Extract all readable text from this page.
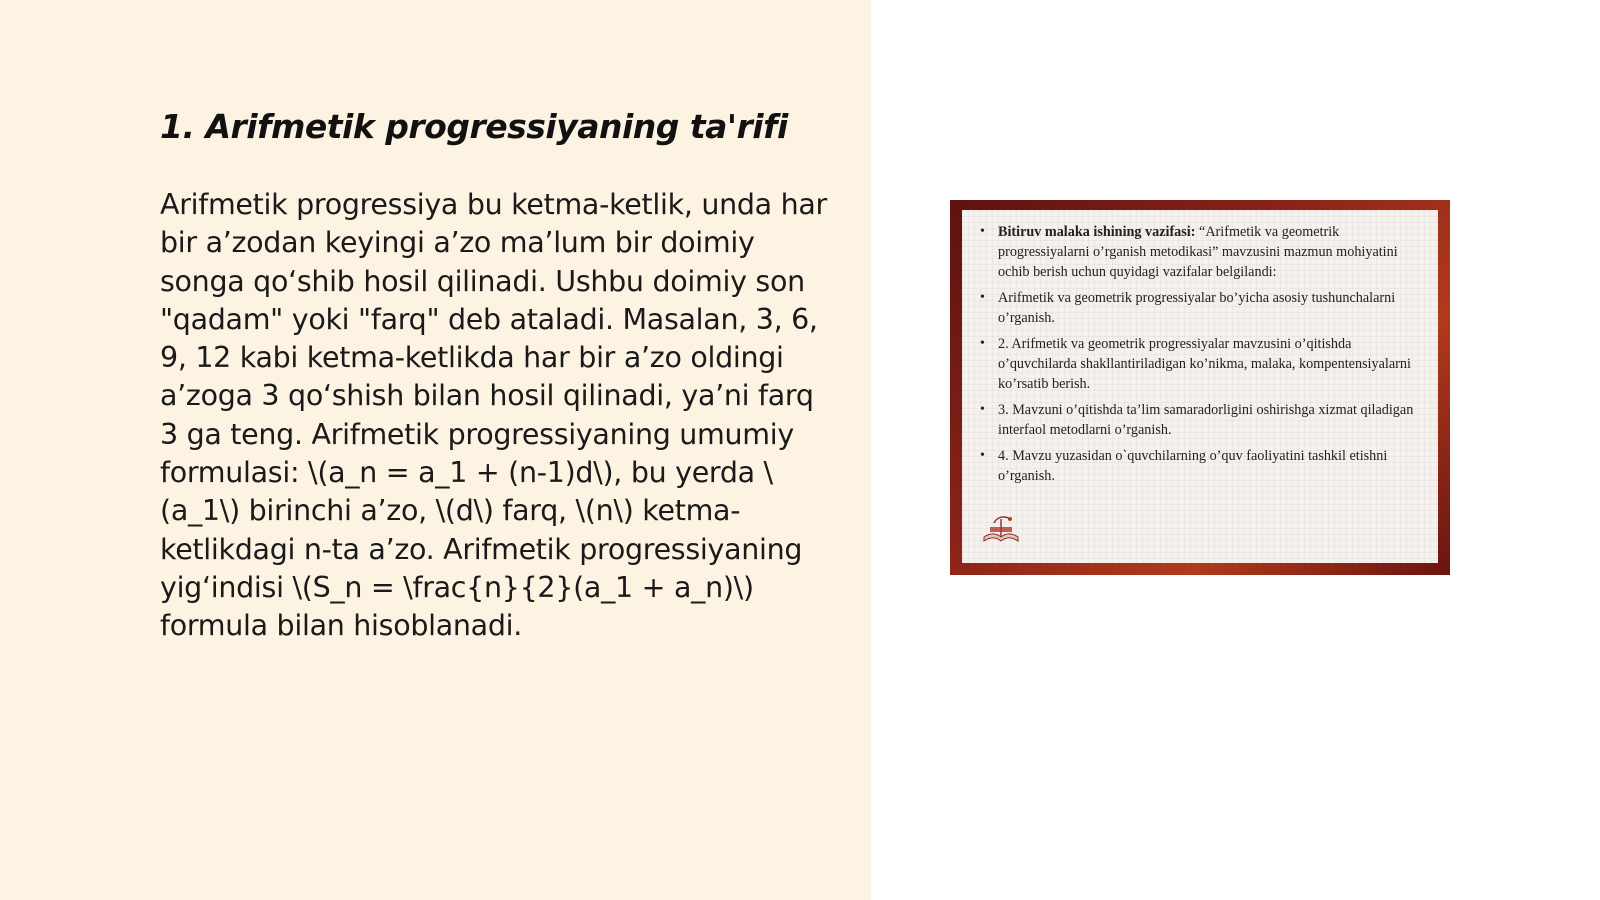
1. Arifmetik progressiyaning ta'rifi

Arifmetik progressiya bu ketma-ketlik, unda har bir a’zodan keyingi a’zo ma’lum bir doimiy songa qo‘shib hosil qilinadi. Ushbu doimiy son "qadam" yoki "farq" deb ataladi. Masalan, 3, 6, 9, 12 kabi ketma-ketlikda har bir a’zo oldingi a’zoga 3 qo‘shish bilan hosil qilinadi, ya’ni farq 3 ga teng. Arifmetik progressiyaning umumiy formulasi: \(a_n = a_1 + (n-1)d\), bu yerda \(a_1\) birinchi a’zo, \(d\) farq, \(n\) ketma-ketlikdagi n-ta a’zo. Arifmetik progressiyaning yig‘indisi \(S_n = \frac{n}{2}(a_1 + a_n)\) formula bilan hisoblanadi.

• Bitiruv malaka ishining vazifasi: “Arifmetik va geometrik progressiyalarni o’rganish metodikasi” mavzusini mazmun mohiyatini ochib berish uchun quyidagi vazifalar belgilandi:
• Arifmetik va geometrik progressiyalar bo’yicha asosiy tushunchalarni o’rganish.
• 2. Arifmetik va geometrik progressiyalar mavzusini o’qitishda o’quvchilarda shakllantiriladigan ko’nikma, malaka, kompentensiyalarni ko’rsatib berish.
• 3. Mavzuni o’qitishda ta’lim samaradorligini oshirishga xizmat qiladigan interfaol metodlarni o’rganish.
• 4. Mavzu yuzasidan o`quvchilarning o’quv faoliyatini tashkil etishni o’rganish.
